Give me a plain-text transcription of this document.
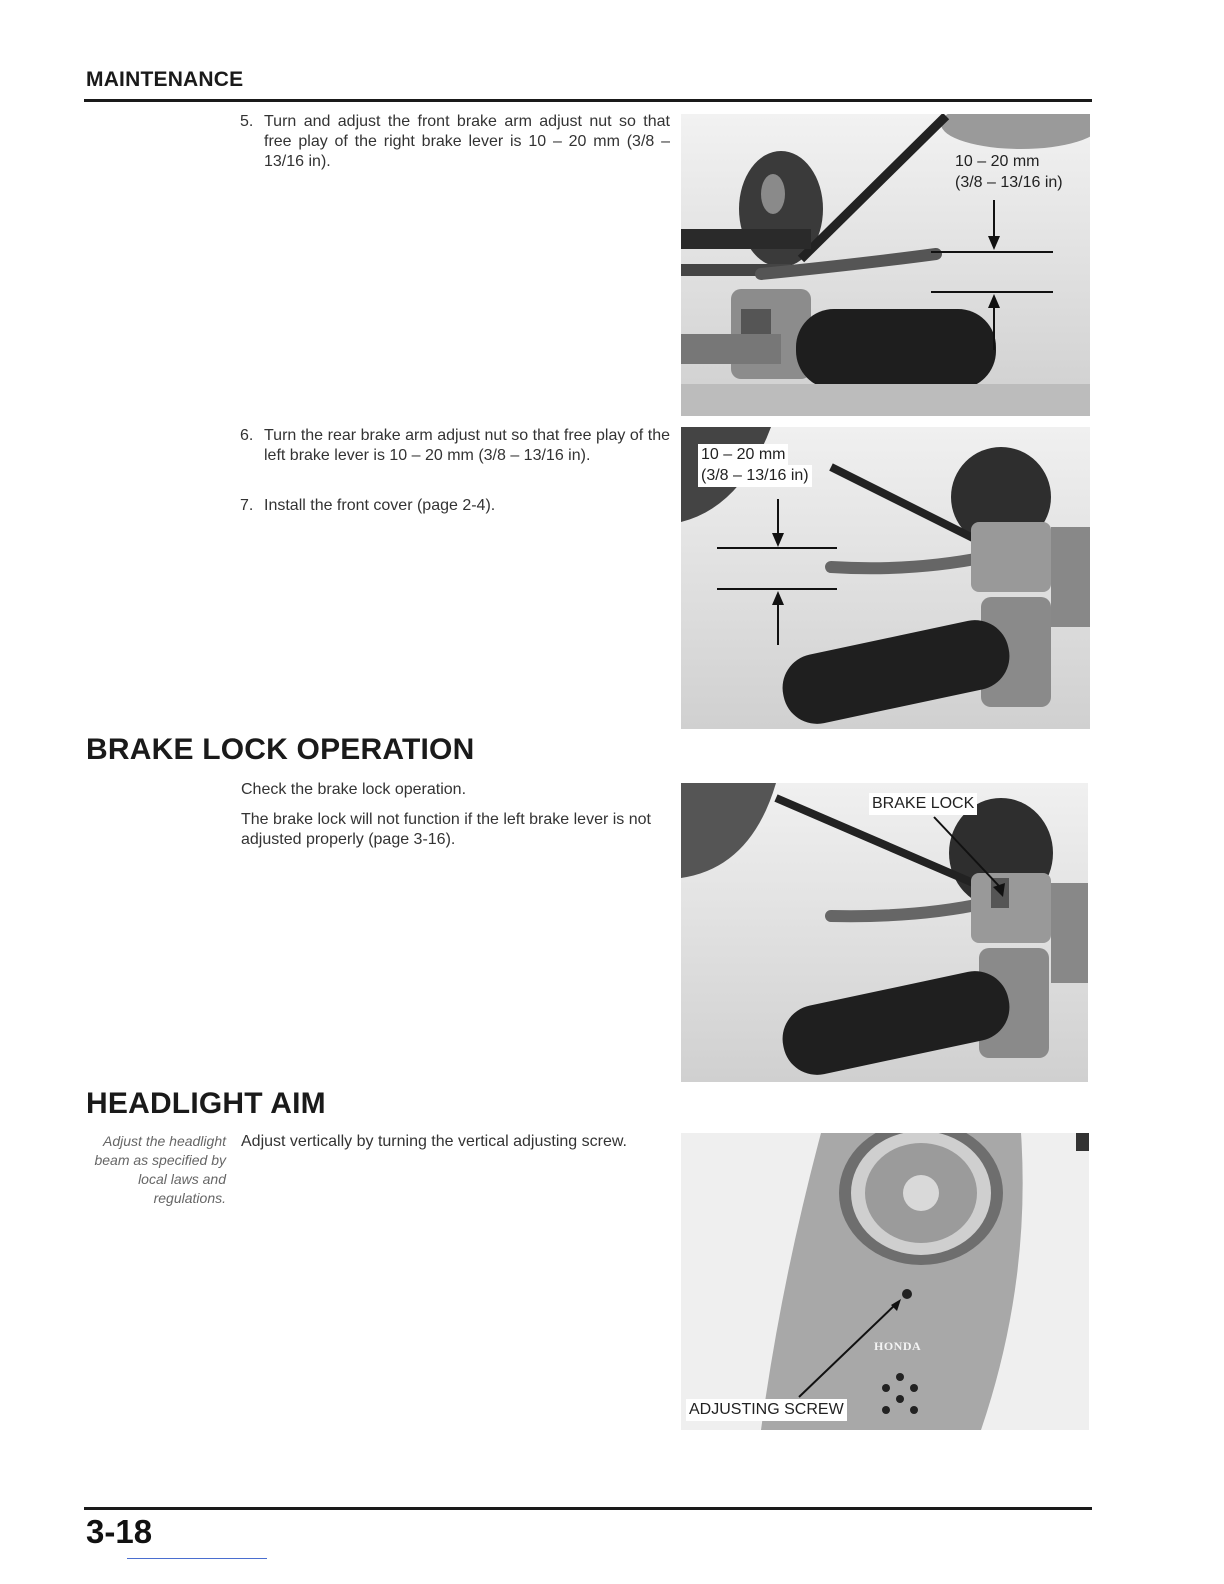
MAINTENANCE
5. Turn and adjust the front brake arm adjust nut so that free play of the right brake lever is 10 – 20 mm (3/8 – 13/16 in).	10 – 20 mm
(3/8 – 13/16 in)
6. Turn the rear brake arm adjust nut so that free play of the left brake lever is 10 – 20 mm (3/8 – 13/16 in).
7. Install the front cover (page 2-4).
10 – 20 mm
(3/8 – 13/16 in)
BRAKE LOCK OPERATION
Check the brake lock operation.
The brake lock will not function if the left brake lever is not adjusted properly (page 3-16).
BRAKE LOCK
HEADLIGHT AIM
Adjust the headlight beam as specified by local laws and regulations.
Adjust vertically by turning the vertical adjusting screw.
HONDA
ADJUSTING SCREW
3-18
